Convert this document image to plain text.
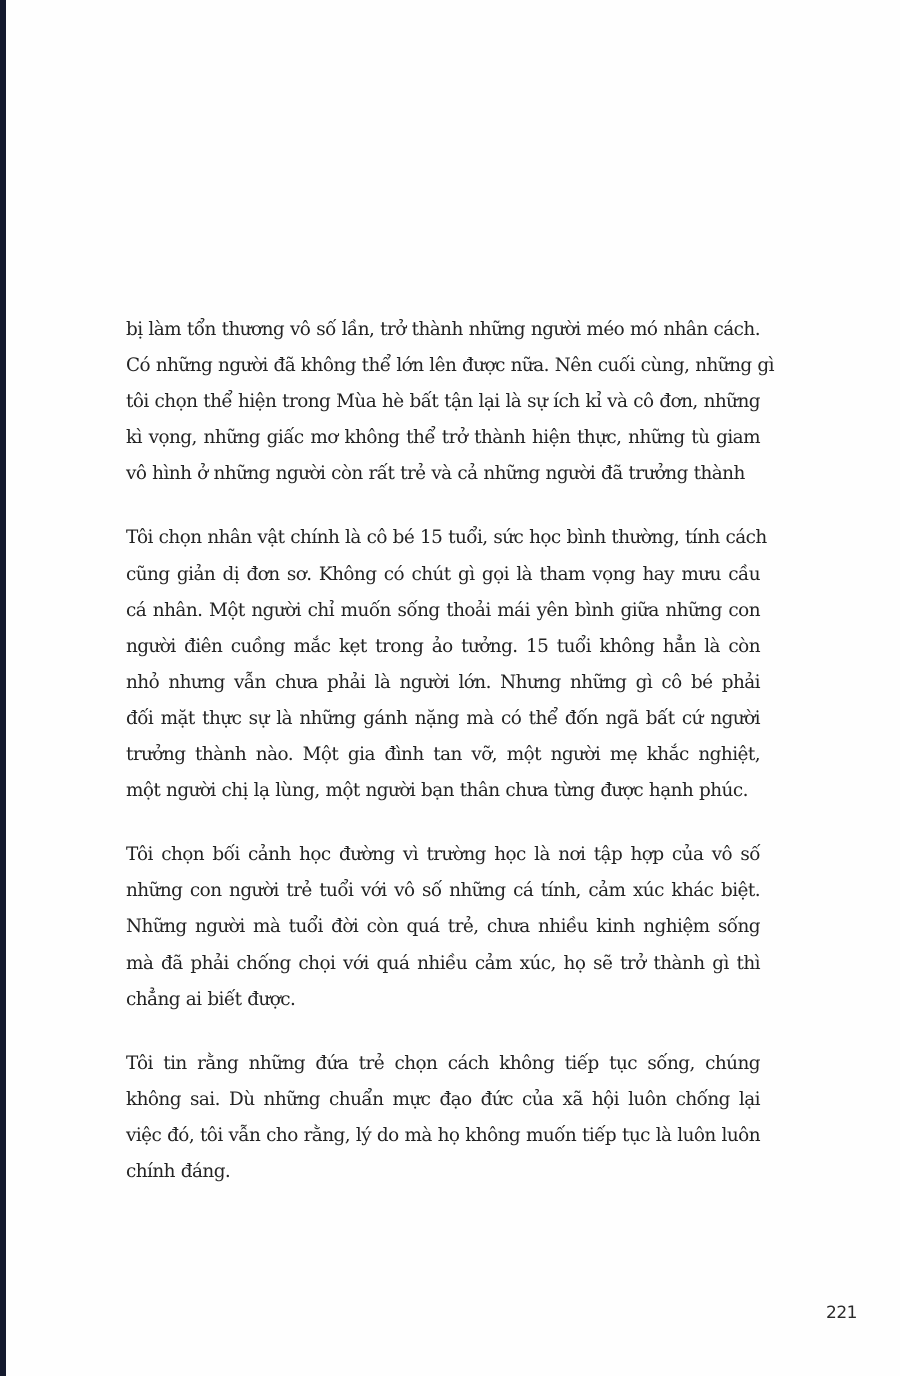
bị làm tổn thương vô số lần, trở thành những người méo mó nhân cách.
Có những người đã không thể lớn lên được nữa. Nên cuối cùng, những gì
tôi chọn thể hiện trong Mùa hè bất tận lại là sự ích kỉ và cô đơn, những
kì vọng, những giấc mơ không thể trở thành hiện thực, những tù giam
vô hình ở những người còn rất trẻ và cả những người đã trưởng thành
Tôi chọn nhân vật chính là cô bé 15 tuổi, sức học bình thường, tính cách
cũng giản dị đơn sơ. Không có chút gì gọi là tham vọng hay mưu cầu
cá nhân. Một người chỉ muốn sống thoải mái yên bình giữa những con
người điên cuồng mắc kẹt trong ảo tưởng. 15 tuổi không hẳn là còn
nhỏ nhưng vẫn chưa phải là người lớn. Nhưng những gì cô bé phải
đối mặt thực sự là những gánh nặng mà có thể đốn ngã bất cứ người
trưởng thành nào. Một gia đình tan vỡ, một người mẹ khắc nghiệt,
một người chị lạ lùng, một người bạn thân chưa từng được hạnh phúc.
Tôi chọn bối cảnh học đường vì trường học là nơi tập hợp của vô số
những con người trẻ tuổi với vô số những cá tính, cảm xúc khác biệt.
Những người mà tuổi đời còn quá trẻ, chưa nhiều kinh nghiệm sống
mà đã phải chống chọi với quá nhiều cảm xúc, họ sẽ trở thành gì thì
chẳng ai biết được.
Tôi tin rằng những đứa trẻ chọn cách không tiếp tục sống, chúng
không sai. Dù những chuẩn mực đạo đức của xã hội luôn chống lại
việc đó, tôi vẫn cho rằng, lý do mà họ không muốn tiếp tục là luôn luôn
chính đáng.
221
